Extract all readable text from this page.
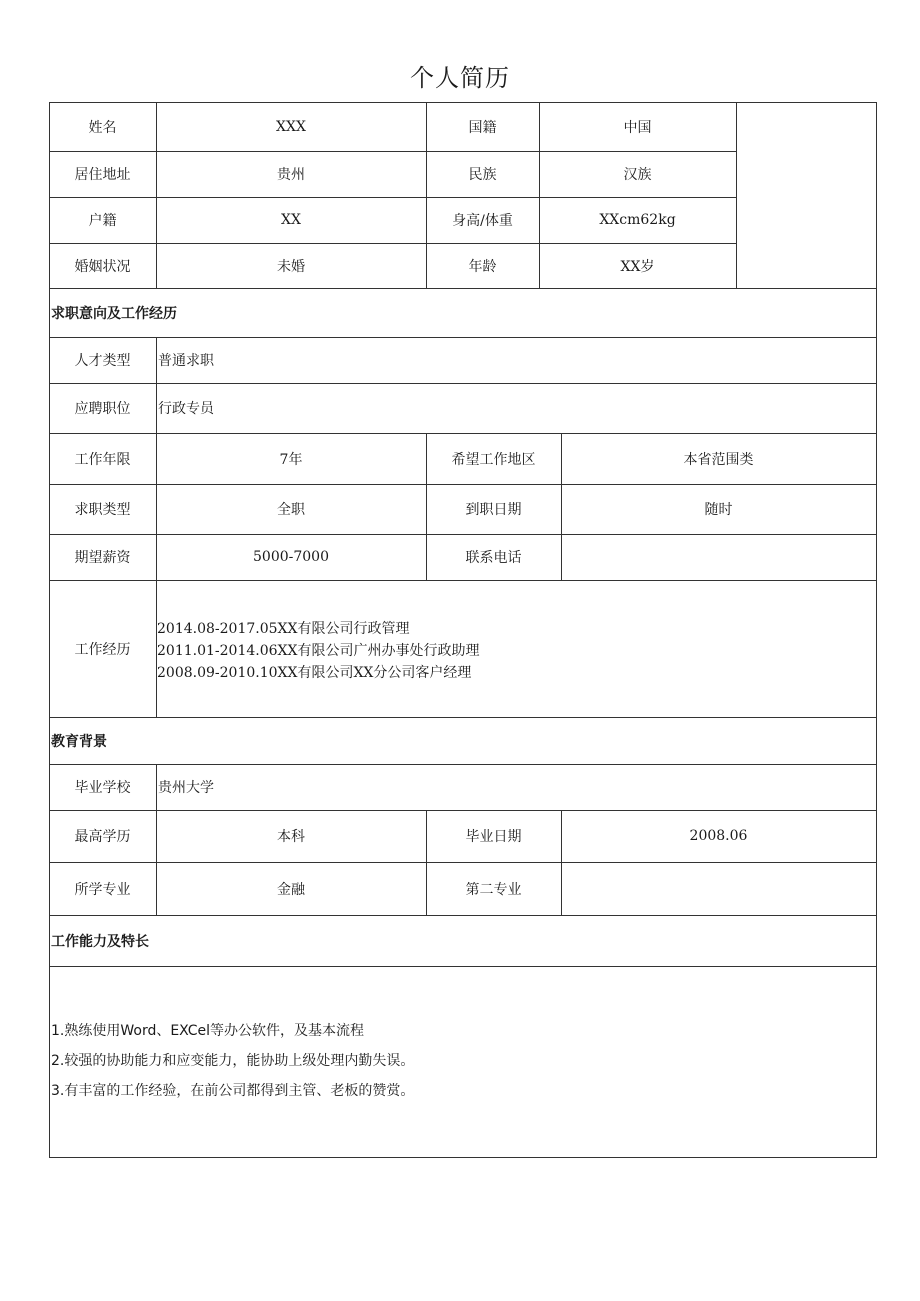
个人简历
姓名	XXX	国籍	中国
居住地址	贵州	民族	汉族
户籍	XX	身高/体重	XXcm62kg
婚姻状况	未婚	年龄	XX岁
求职意向及工作经历
人才类型	普通求职
应聘职位	行政专员
工作年限	7年	希望工作地区	本省范围类
求职类型	全职	到职日期	随时
期望薪资	5000-7000	联系电话
工作经历
2014.08-2017.05XX有限公司行政管理
2011.01-2014.06XX有限公司广州办事处行政助理
2008.09-2010.10XX有限公司XX分公司客户经理
教育背景
毕业学校	贵州大学
最高学历	本科	毕业日期	2008.06
所学专业	金融	第二专业
工作能力及特长
1.熟练使用Word、EXCel等办公软件，及基本流程
2.较强的协助能力和应变能力，能协助上级处理内勤失误。
3.有丰富的工作经验，在前公司都得到主管、老板的赞赏。
